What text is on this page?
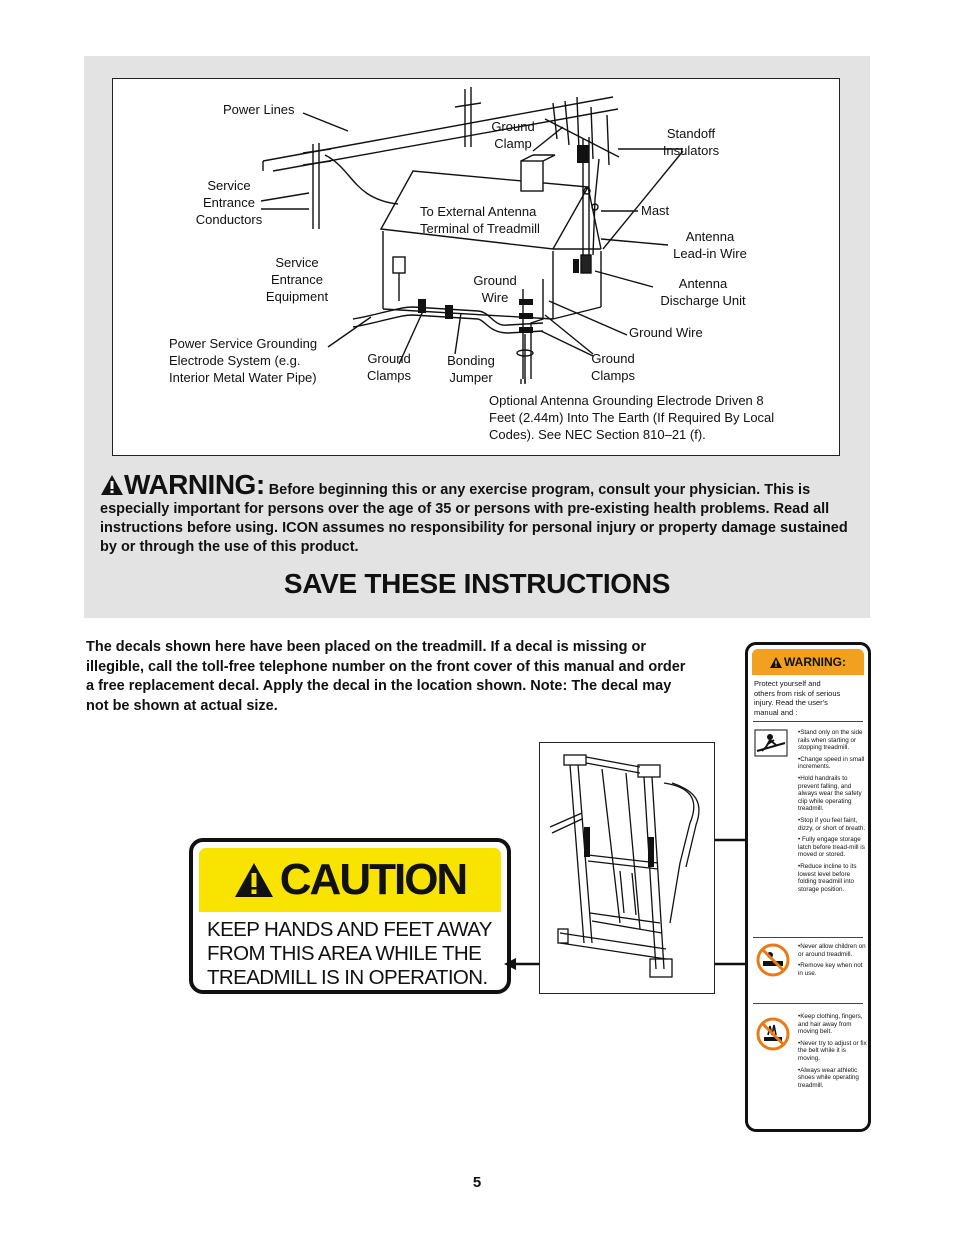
Power Lines
Service
Entrance
Conductors
Service
Entrance
Equipment
Power Service Grounding
Electrode System (e.g.
Interior Metal Water Pipe)
Ground
Clamps
Bonding
Jumper
Ground
Wire
To External Antenna
Terminal of Treadmill
Ground
Clamp
Standoff
Insulators
Mast
Antenna
Lead-in Wire
Antenna
Discharge Unit
Ground Wire
Ground
Clamps
Optional Antenna Grounding Electrode Driven 8
Feet (2.44m) Into The Earth (If Required By Local
Codes). See NEC Section 810–21 (f).
WARNING: Before beginning this or any exercise program, consult your physician. This is especially important for persons over the age of 35 or persons with pre-existing health problems. Read all instructions before using. ICON assumes no responsibility for personal injury or property damage sustained by or through the use of this product.
SAVE THESE INSTRUCTIONS
The decals shown here have been placed on the treadmill. If a decal is missing or illegible, call the toll-free telephone number on the front cover of this manual and order a free replacement decal. Apply the decal in the location shown. Note: The decal may not be shown at actual size.
CAUTION
KEEP HANDS AND FEET AWAY
FROM THIS AREA WHILE THE
TREADMILL IS IN OPERATION.
WARNING:
Protect yourself and
others from risk of serious
injury. Read the user's
manual and :
•Stand only on the side rails when starting or stopping treadmill.
•Change speed in small increments.
•Hold handrails to prevent falling, and always wear the safety clip while operating treadmill.
•Stop if you feel faint, dizzy, or short of breath.
• Fully engage storage latch before tread-mill is moved or stored.
•Reduce incline to its lowest level before folding treadmill into storage position.
•Never allow children on or around treadmill.
•Remove key when not in use.
•Keep clothing, fingers, and hair away from moving belt.
•Never try to adjust or fix the belt while it is moving.
•Always wear athletic shoes while operating treadmill.
5
